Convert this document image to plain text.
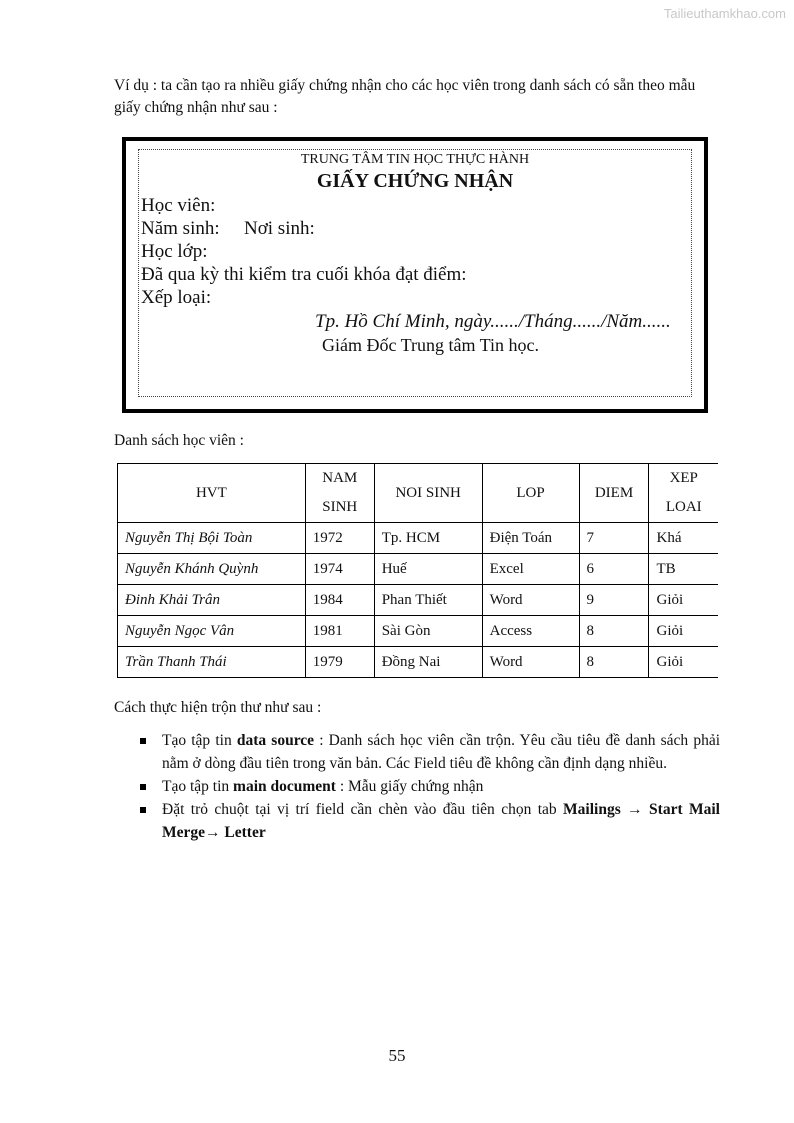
Tailieuthamkhao.com
Ví dụ : ta cần tạo ra nhiều giấy chứng nhận cho các học viên trong danh sách có sẵn theo mẫu giấy chứng nhận như sau :
TRUNG TÂM TIN HỌC THỰC HÀNH
GIẤY CHỨNG NHẬN
Học viên:
Năm sinh: Nơi sinh:
Học lớp:
Đã qua kỳ thi kiểm tra cuối khóa đạt điểm:
Xếp loại:
Tp. Hồ Chí Minh, ngày....../Tháng....../Năm......
Giám Đốc Trung tâm Tin học.
Danh sách học viên :
HVT	NAM SINH	NOI SINH	LOP	DIEM	XEP LOAI
Nguyễn Thị Bội Toàn	1972	Tp. HCM	Điện Toán	7	Khá
Nguyễn Khánh Quỳnh	1974	Huế	Excel	6	TB
Đinh Khải Trân	1984	Phan Thiết	Word	9	Giỏi
Nguyễn Ngọc Vân	1981	Sài Gòn	Access	8	Giỏi
Trần Thanh Thái	1979	Đồng Nai	Word	8	Giỏi
Cách thực hiện trộn thư như sau :
Tạo tập tin data source : Danh sách học viên cần trộn. Yêu cầu tiêu đề danh sách phải nằm ở dòng đầu tiên trong văn bản. Các Field tiêu đề không cần định dạng nhiều.
Tạo tập tin main document : Mẫu giấy chứng nhận
Đặt trỏ chuột tại vị trí field cần chèn vào đầu tiên chọn tab Mailings → Start Mail Merge→ Letter
55
